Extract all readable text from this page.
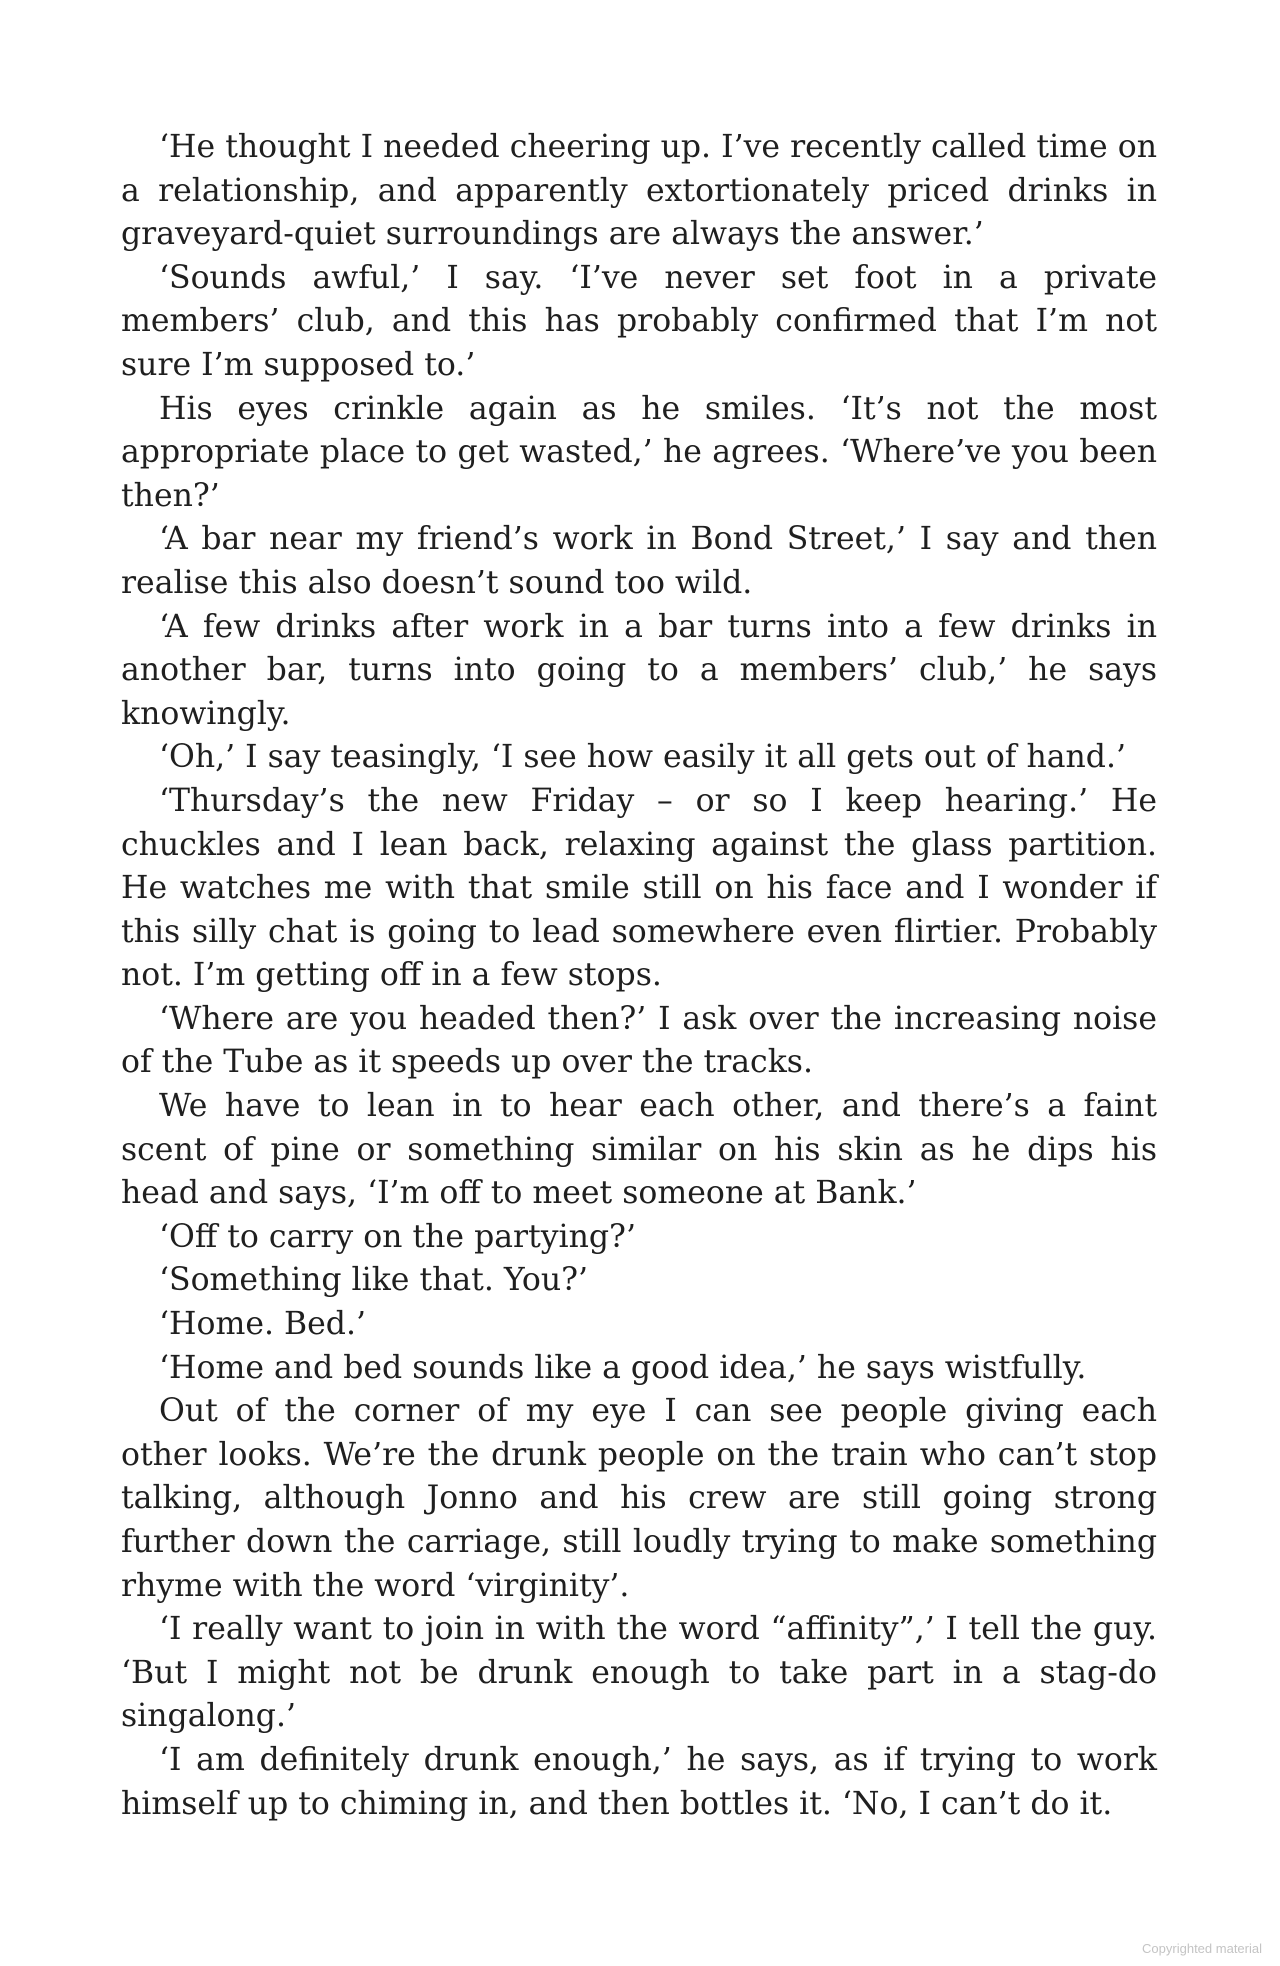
‘He thought I needed cheering up. I’ve recently called time on a relationship, and apparently extortionately priced drinks in graveyard-quiet surroundings are always the answer.’

‘Sounds awful,’ I say. ‘I’ve never set foot in a private members’ club, and this has probably confirmed that I’m not sure I’m supposed to.’

His eyes crinkle again as he smiles. ‘It’s not the most appropriate place to get wasted,’ he agrees. ‘Where’ve you been then?’

‘A bar near my friend’s work in Bond Street,’ I say and then realise this also doesn’t sound too wild.

‘A few drinks after work in a bar turns into a few drinks in another bar, turns into going to a members’ club,’ he says knowingly.

‘Oh,’ I say teasingly, ‘I see how easily it all gets out of hand.’

‘Thursday’s the new Friday – or so I keep hearing.’ He chuckles and I lean back, relaxing against the glass partition. He watches me with that smile still on his face and I wonder if this silly chat is going to lead somewhere even flirtier. Probably not. I’m getting off in a few stops.

‘Where are you headed then?’ I ask over the increasing noise of the Tube as it speeds up over the tracks.

We have to lean in to hear each other, and there’s a faint scent of pine or something similar on his skin as he dips his head and says, ‘I’m off to meet someone at Bank.’

‘Off to carry on the partying?’

‘Something like that. You?’

‘Home. Bed.’

‘Home and bed sounds like a good idea,’ he says wistfully.

Out of the corner of my eye I can see people giving each other looks. We’re the drunk people on the train who can’t stop talking, although Jonno and his crew are still going strong further down the carriage, still loudly trying to make something rhyme with the word ‘virginity’.

‘I really want to join in with the word “affinity”,’ I tell the guy. ‘But I might not be drunk enough to take part in a stag-do singalong.’

‘I am definitely drunk enough,’ he says, as if trying to work himself up to chiming in, and then bottles it. ‘No, I can’t do it.

Copyrighted material
